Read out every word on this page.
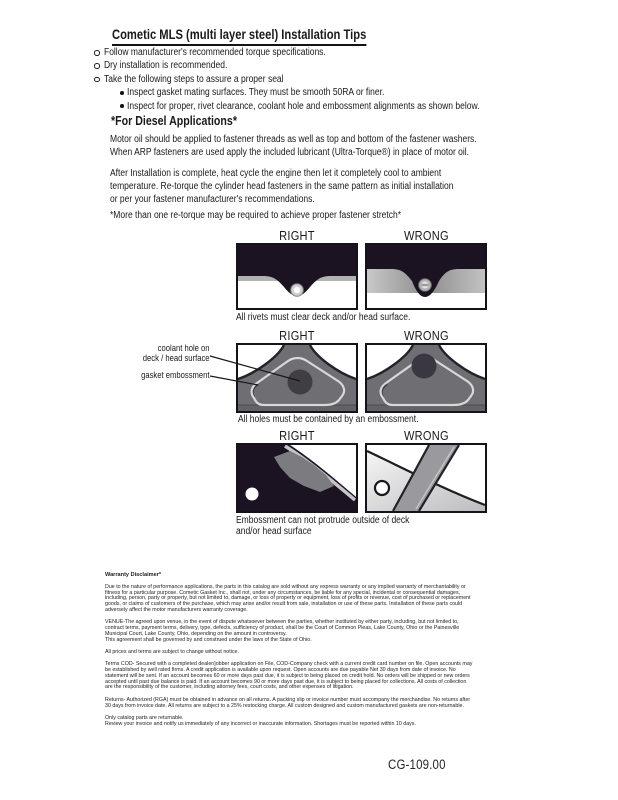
Cometic MLS (multi layer steel) Installation Tips
Follow manufacturer's recommended torque specifications.
Dry installation is recommended.
Take the following steps to assure a proper seal
Inspect gasket mating surfaces. They must be smooth 50RA or finer.
Inspect for proper, rivet clearance, coolant hole and embossment alignments as shown below.
*For Diesel Applications*
Motor oil should be applied to fastener threads as well as top and bottom of the fastener washers.
When ARP fasteners are used apply the included lubricant (Ultra-Torque®) in place of motor oil.
After Installation is complete, heat cycle the engine then let it completely cool to ambient
temperature. Re-torque the cylinder head fasteners in the same pattern as initial installation
or per your fastener manufacturer's recommendations.
*More than one re-torque may be required to achieve proper fastener stretch*
RIGHT	WRONG
All rivets must clear deck and/or head surface.
RIGHT	WRONG
coolant hole on
deck / head surface
gasket embossment
All holes must be contained by an embossment.
RIGHT	WRONG
Embossment can not protrude outside of deck
and/or head surface
Warranty Disclaimer*

Due to the nature of performance applications, the parts in this catalog are sold without any express warranty or any implied warranty of merchantability or
fitness for a particular purpose. Cometic Gasket Inc., shall not, under any circumstances, be liable for any special, incidental or consequential damages,
including, person, party or property, but not limited to, damage, or loss of property or equipment, loss of profits or revenue, cost of purchased or replacement
goods, or claims of customers of the purchase, which may arise and/or result from sale, installation or use of these parts. Installation of these parts could
adversely affect the motor manufacturers warranty coverage.

VENUE-The agreed upon venue, in the event of dispute whatsoever between the parties, whether instituted by either party, including, but not limited to,
contract terms, payment terms, delivery, type, defects, sufficiency of product, shall be the Court of Common Pleas, Lake County, Ohio or the Painesville
Municipal Court, Lake County, Ohio, depending on the amount in controversy.
This agreement shall be governed by and construed under the laws of the State of Ohio.

All prices and terms are subject to change without notice.

Terms COD- Secured with a completed dealer/jobber application on File, COD-Company check with a current credit card number on file. Open accounts may
be established by well rated firms. A credit application is available upon request. Open accounts are due payable Net 30 days from date of invoice. No
statement will be sent. If an account becomes 60 or more days past due, it is subject to being placed on credit hold. No orders will be shipped or new orders
accepted until past due balance is paid. If an account becomes 90 or more days past due, it is subject to being placed for collections. All costs of collection
are the responsibility of the customer, including attorney fees, court costs, and other expenses of litigation.

Returns- Authorized (RGA) must be obtained in advance on all returns. A packing slip or invoice number must accompany the merchandise. No returns after
30 days from invoice date. All returns are subject to a 25% restocking charge. All custom designed and custom manufactured gaskets are non-returnable.

Only catalog parts are returnable.
Review your invoice and notify us immediately of any incorrect or inaccurate information. Shortages must be reported within 10 days.

CG-109.00
